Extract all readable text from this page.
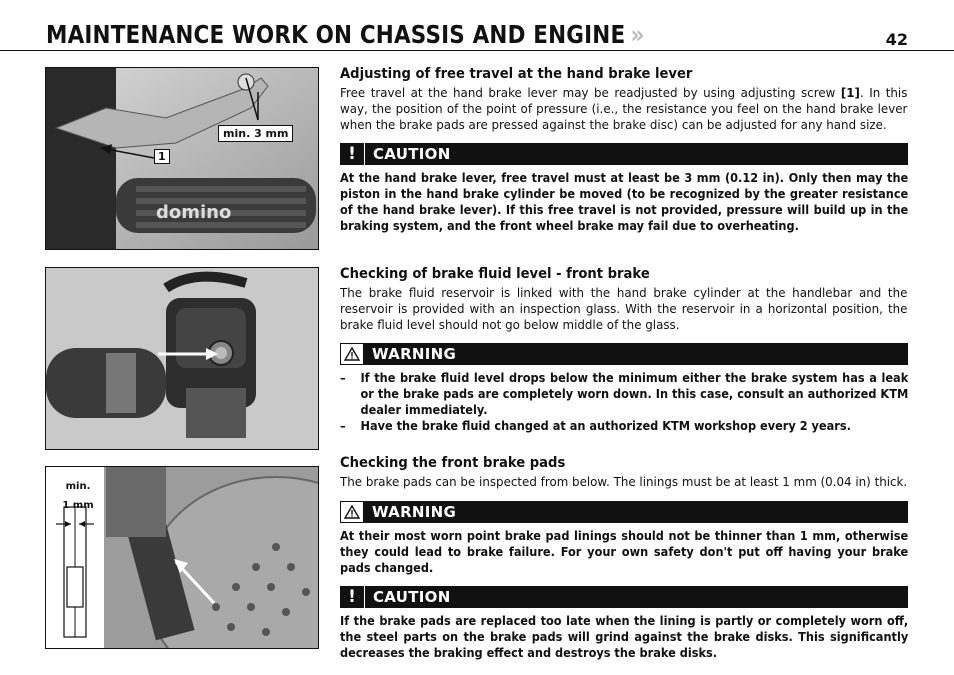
MAINTENANCE WORK ON CHASSIS AND ENGINE »	42
domino
min. 3 mm
1
min.
1 mm
Adjusting of free travel at the hand brake lever
Free travel at the hand brake lever may be readjusted by using adjusting screw [1]. In this way, the position of the point of pressure (i.e., the resistance you feel on the hand brake lever when the brake pads are pressed against the brake disc) can be adjusted for any hand size.
!	CAUTION
At the hand brake lever, free travel must at least be 3 mm (0.12 in). Only then may the piston in the hand brake cylinder be moved (to be recognized by the greater resistance of the hand brake lever). If this free travel is not provided, pressure will build up in the braking system, and the front wheel brake may fail due to overheating.
Checking of brake fluid level - front brake
The brake fluid reservoir is linked with the hand brake cylinder at the handlebar and the reservoir is provided with an inspection glass. With the reservoir in a horizontal position, the brake fluid level should not go below middle of the glass.
WARNING
–	If the brake fluid level drops below the minimum either the brake system has a leak or the brake pads are completely worn down. In this case, consult an authorized KTM dealer immediately.
–	Have the brake fluid changed at an authorized KTM workshop every 2 years.
Checking the front brake pads
The brake pads can be inspected from below. The linings must be at least 1 mm (0.04 in) thick.
WARNING
At their most worn point brake pad linings should not be thinner than 1 mm, otherwise they could lead to brake failure. For your own safety don't put off having your brake pads changed.
!	CAUTION
If the brake pads are replaced too late when the lining is partly or completely worn off, the steel parts on the brake pads will grind against the brake disks. This significantly decreases the braking effect and destroys the brake disks.
